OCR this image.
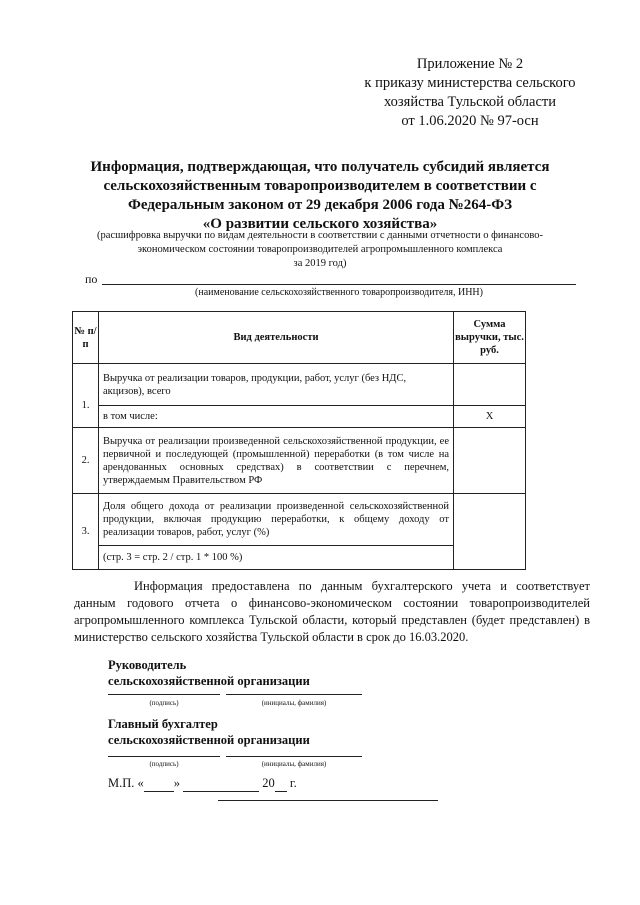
Приложение № 2
к приказу министерства сельского
хозяйства Тульской области
от 1.06.2020 № 97-осн
Информация, подтверждающая, что получатель субсидий является
сельскохозяйственным товаропроизводителем в соответствии с
Федеральным законом от 29 декабря 2006 года №264-ФЗ
«О развитии сельского хозяйства»
(расшифровка выручки по видам деятельности в соответствии с данными отчетности о финансово-
экономическом состоянии товаропроизводителей агропромышленного комплекса
за 2019 год)
по
(наименование сельскохозяйственного товаропроизводителя, ИНН)
№ п/п	Вид деятельности	Сумма выручки, тыс. руб.
1.	Выручка от реализации товаров, продукции, работ, услуг (без НДС, акцизов), всего	
	в том числе:	X
2.	Выручка от реализации произведенной сельскохозяйственной продукции, ее первичной и последующей (промышленной) переработки (в том числе на арендованных основных средствах) в соответствии с перечнем, утверждаемым Правительством РФ	
3.	Доля общего дохода от реализации произведенной сельскохозяйственной продукции, включая продукцию переработки, к общему доходу от реализации товаров, работ, услуг (%)	
	(стр. 3 = стр. 2 / стр. 1 * 100 %)	
Информация предоставлена по данным бухгалтерского учета и соответствует данным годового отчета о финансово-экономическом состоянии товаропроизводителей агропромышленного комплекса Тульской области, который представлен (будет представлен) в министерство сельского хозяйства Тульской области в срок до 16.03.2020.
Руководитель
сельскохозяйственной организации
(подпись)	(инициалы, фамилия)
Главный бухгалтер
сельскохозяйственной организации
(подпись)	(инициалы, фамилия)
М.П. « »	20 г.
